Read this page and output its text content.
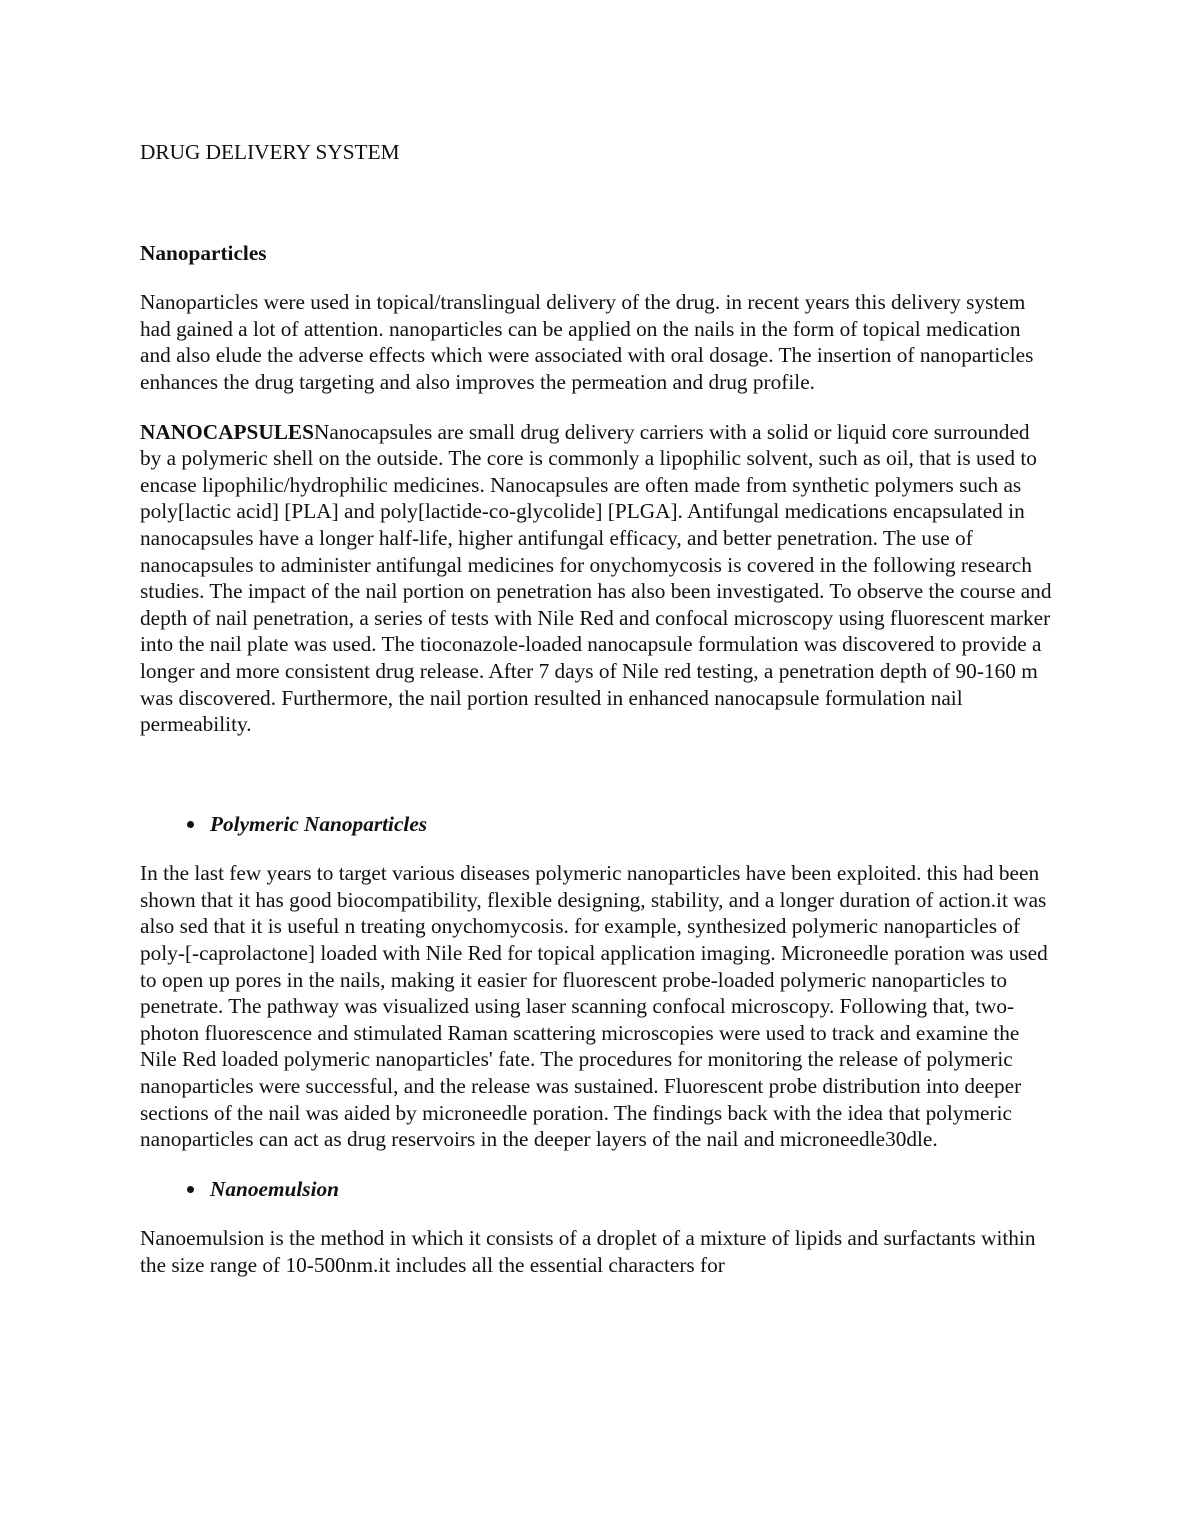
DRUG DELIVERY SYSTEM

Nanoparticles

Nanoparticles were used in topical/translingual delivery of the drug. in recent years this delivery system had gained a lot of attention. nanoparticles can be applied on the nails in the form of topical medication and also elude the adverse effects which were associated with oral dosage. The insertion of nanoparticles enhances the drug targeting and also improves the permeation and drug profile.

NANOCAPSULESNanocapsules are small drug delivery carriers with a solid or liquid core surrounded by a polymeric shell on the outside. The core is commonly a lipophilic solvent, such as oil, that is used to encase lipophilic/hydrophilic medicines. Nanocapsules are often made from synthetic polymers such as poly[lactic acid] [PLA] and poly[lactide-co-glycolide] [PLGA]. Antifungal medications encapsulated in nanocapsules have a longer half-life, higher antifungal efficacy, and better penetration. The use of nanocapsules to administer antifungal medicines for onychomycosis is covered in the following research studies. The impact of the nail portion on penetration has also been investigated. To observe the course and depth of nail penetration, a series of tests with Nile Red and confocal microscopy using fluorescent marker into the nail plate was used. The tioconazole-loaded nanocapsule formulation was discovered to provide a longer and more consistent drug release. After 7 days of Nile red testing, a penetration depth of 90-160 m was discovered. Furthermore, the nail portion resulted in enhanced nanocapsule formulation nail permeability.

Polymeric Nanoparticles

In the last few years to target various diseases polymeric nanoparticles have been exploited. this had been shown that it has good biocompatibility, flexible designing, stability, and a longer duration of action.it was also sed that it is useful n treating onychomycosis. for example, synthesized polymeric nanoparticles of poly-[-caprolactone] loaded with Nile Red for topical application imaging. Microneedle poration was used to open up pores in the nails, making it easier for fluorescent probe-loaded polymeric nanoparticles to penetrate. The pathway was visualized using laser scanning confocal microscopy. Following that, two-photon fluorescence and stimulated Raman scattering microscopies were used to track and examine the Nile Red loaded polymeric nanoparticles' fate. The procedures for monitoring the release of polymeric nanoparticles were successful, and the release was sustained. Fluorescent probe distribution into deeper sections of the nail was aided by microneedle poration. The findings back with the idea that polymeric nanoparticles can act as drug reservoirs in the deeper layers of the nail and microneedle30dle.

Nanoemulsion

Nanoemulsion is the method in which it consists of a droplet of a mixture of lipids and surfactants within the size range of 10-500nm.it includes all the essential characters for
